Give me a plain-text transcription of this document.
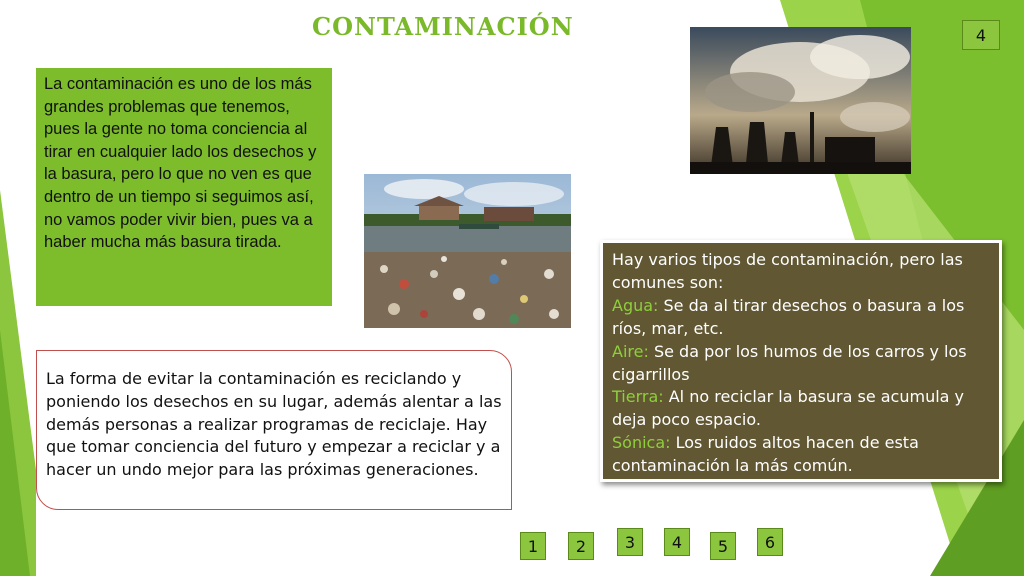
contaminación	4
La contaminación es uno de los más grandes problemas que tenemos, pues la gente no toma conciencia al tirar en cualquier lado los desechos y la basura, pero lo que no ven es que dentro de un tiempo si seguimos así, no vamos poder vivir bien, pues va a haber mucha más basura tirada.
La forma de evitar la contaminación es reciclando y poniendo los desechos en su lugar, además alentar a las demás personas a realizar programas de reciclaje. Hay que tomar conciencia del futuro y empezar a reciclar y a hacer un undo mejor para las próximas generaciones.
Hay varios tipos de contaminación, pero las comunes son:
Agua: Se da al tirar desechos o basura a los ríos, mar, etc.
Aire: Se da por los humos de los carros y los cigarrillos
Tierra: Al no reciclar la basura se acumula y deja poco espacio.
Sónica: Los ruidos altos hacen de esta contaminación la más común.
1	2	3	4	5	6
